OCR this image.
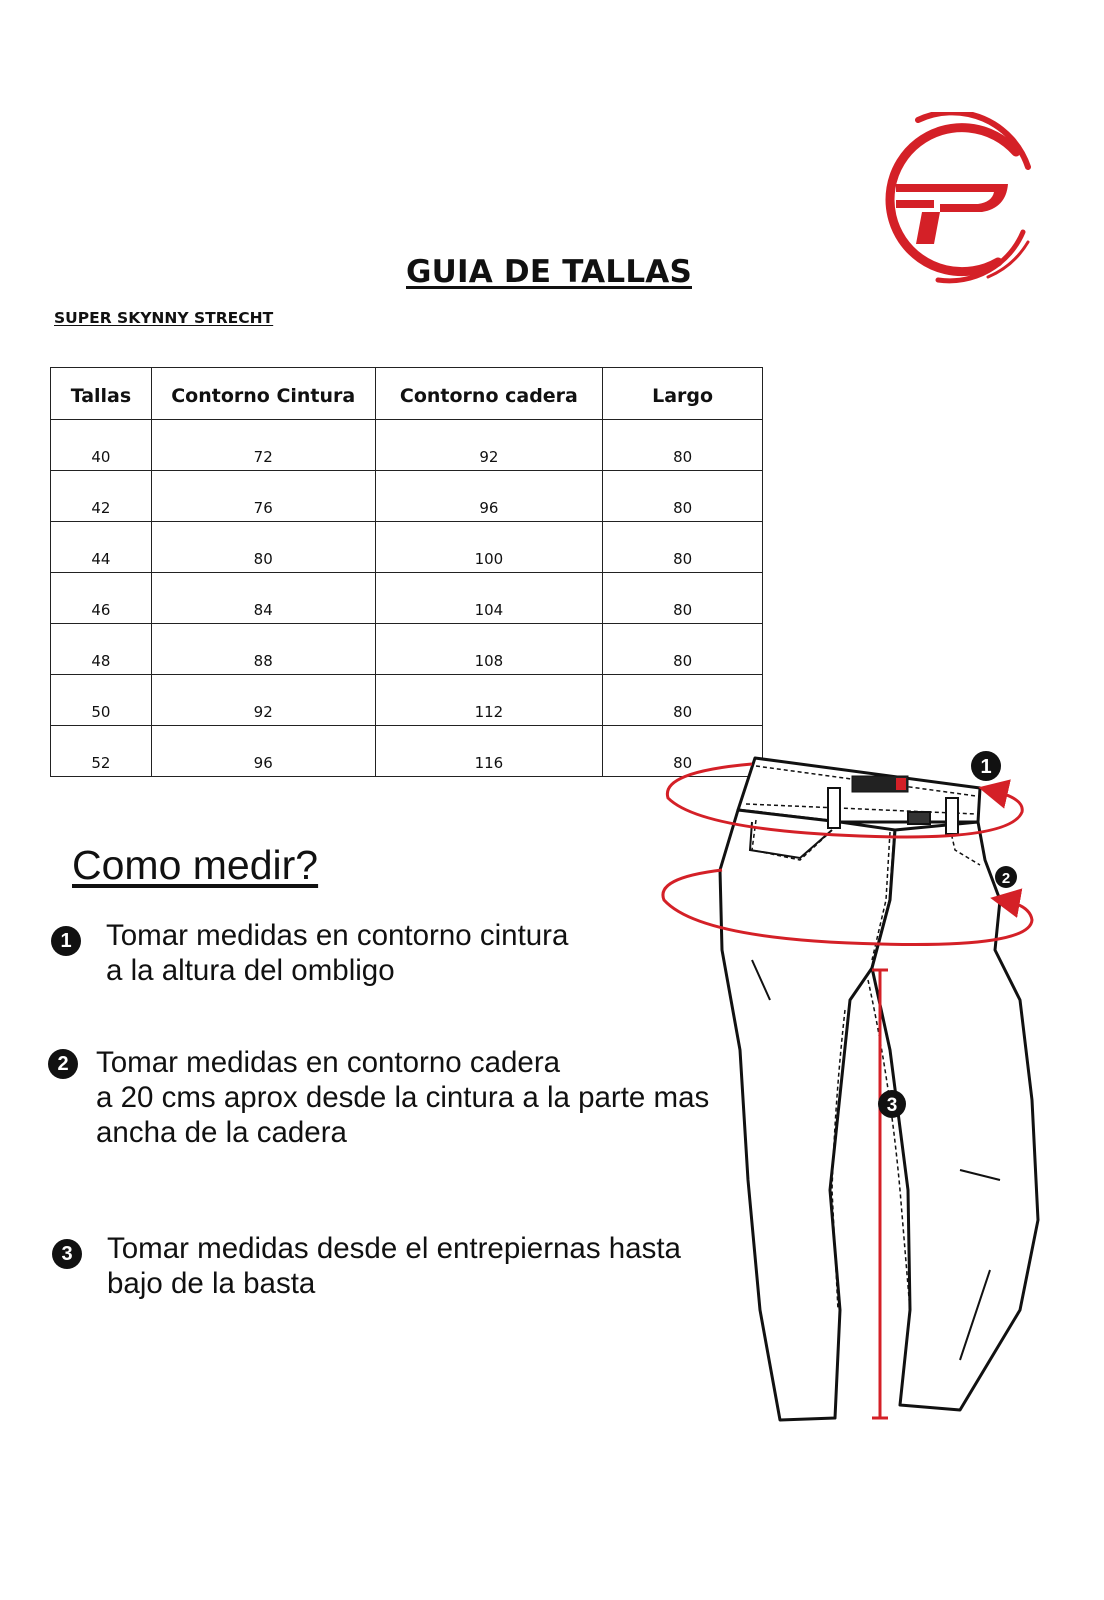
GUIA DE TALLAS
SUPER SKYNNY STRECHT
Tallas	Contorno Cintura	Contorno cadera	Largo
40	72	92	80
42	76	96	80
44	80	100	80
46	84	104	80
48	88	108	80
50	92	112	80
52	96	116	80
Como medir?
1	Tomar medidas en contorno cintura
a la altura del ombligo
2 Tomar medidas en contorno cadera
a 20 cms aprox desde la cintura a la parte mas
ancha de la cadera
3	Tomar medidas desde el entrepiernas hasta
bajo de la basta
1
2
3
